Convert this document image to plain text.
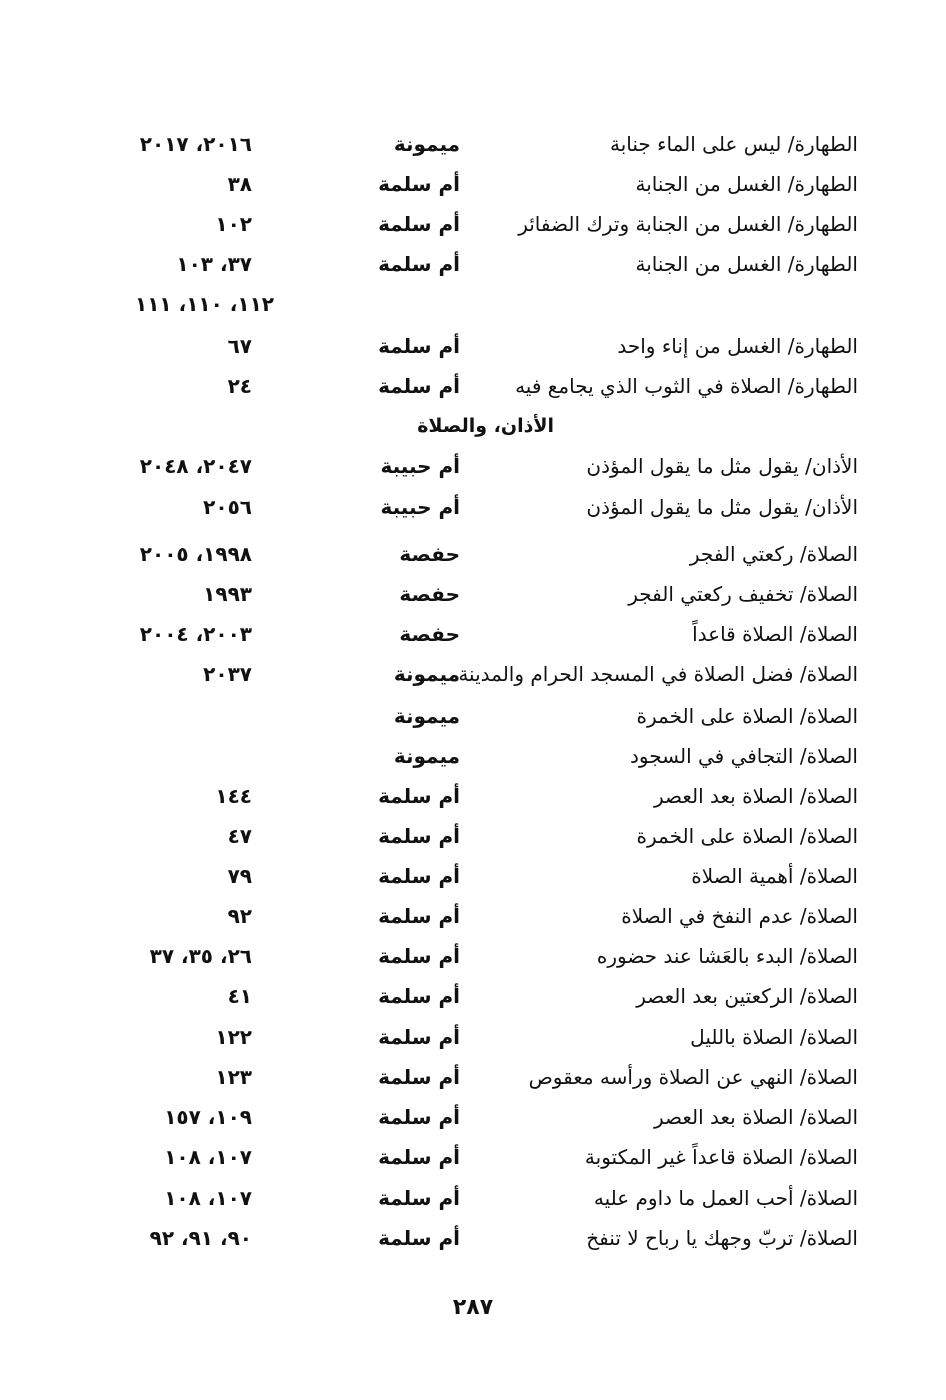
الطهارة/ ليس على الماء جنابة
ميمونة
٢٠١٦، ٢٠١٧
الطهارة/ الغسل من الجنابة
أم سلمة
٣٨
الطهارة/ الغسل من الجنابة وترك الضفائر
أم سلمة
١٠٢
الطهارة/ الغسل من الجنابة
أم سلمة
٣٧، ١٠٣
١١٢، ١١٠، ١١١
الطهارة/ الغسل من إناء واحد
أم سلمة
٦٧
الطهارة/ الصلاة في الثوب الذي يجامع فيه
أم سلمة
٢٤
الأذان، والصلاة
الأذان/ يقول مثل ما يقول المؤذن
أم حبيبة
٢٠٤٧، ٢٠٤٨
الأذان/ يقول مثل ما يقول المؤذن
أم حبيبة
٢٠٥٦
الصلاة/ ركعتي الفجر
حفصة
١٩٩٨، ٢٠٠٥
الصلاة/ تخفيف ركعتي الفجر
حفصة
١٩٩٣
الصلاة/ الصلاة قاعداً
حفصة
٢٠٠٣، ٢٠٠٤
الصلاة/ فضل الصلاة في المسجد الحرام والمدينة
ميمونة
٢٠٣٧
الصلاة/ الصلاة على الخمرة
ميمونة
الصلاة/ التجافي في السجود
ميمونة
الصلاة/ الصلاة بعد العصر
أم سلمة
١٤٤
الصلاة/ الصلاة على الخمرة
أم سلمة
٤٧
الصلاة/ أهمية الصلاة
أم سلمة
٧٩
الصلاة/ عدم النفخ في الصلاة
أم سلمة
٩٢
الصلاة/ البدء بالعَشا عند حضوره
أم سلمة
٢٦، ٣٥، ٣٧
الصلاة/ الركعتين بعد العصر
أم سلمة
٤١
الصلاة/ الصلاة بالليل
أم سلمة
١٢٢
الصلاة/ النهي عن الصلاة ورأسه معقوص
أم سلمة
١٢٣
الصلاة/ الصلاة بعد العصر
أم سلمة
١٠٩، ١٥٧
الصلاة/ الصلاة قاعداً غير المكتوبة
أم سلمة
١٠٧، ١٠٨
الصلاة/ أحب العمل ما داوم عليه
أم سلمة
١٠٧، ١٠٨
الصلاة/ تربّ وجهك يا رباح لا تنفخ
أم سلمة
٩٠، ٩١، ٩٢
٢٨٧
